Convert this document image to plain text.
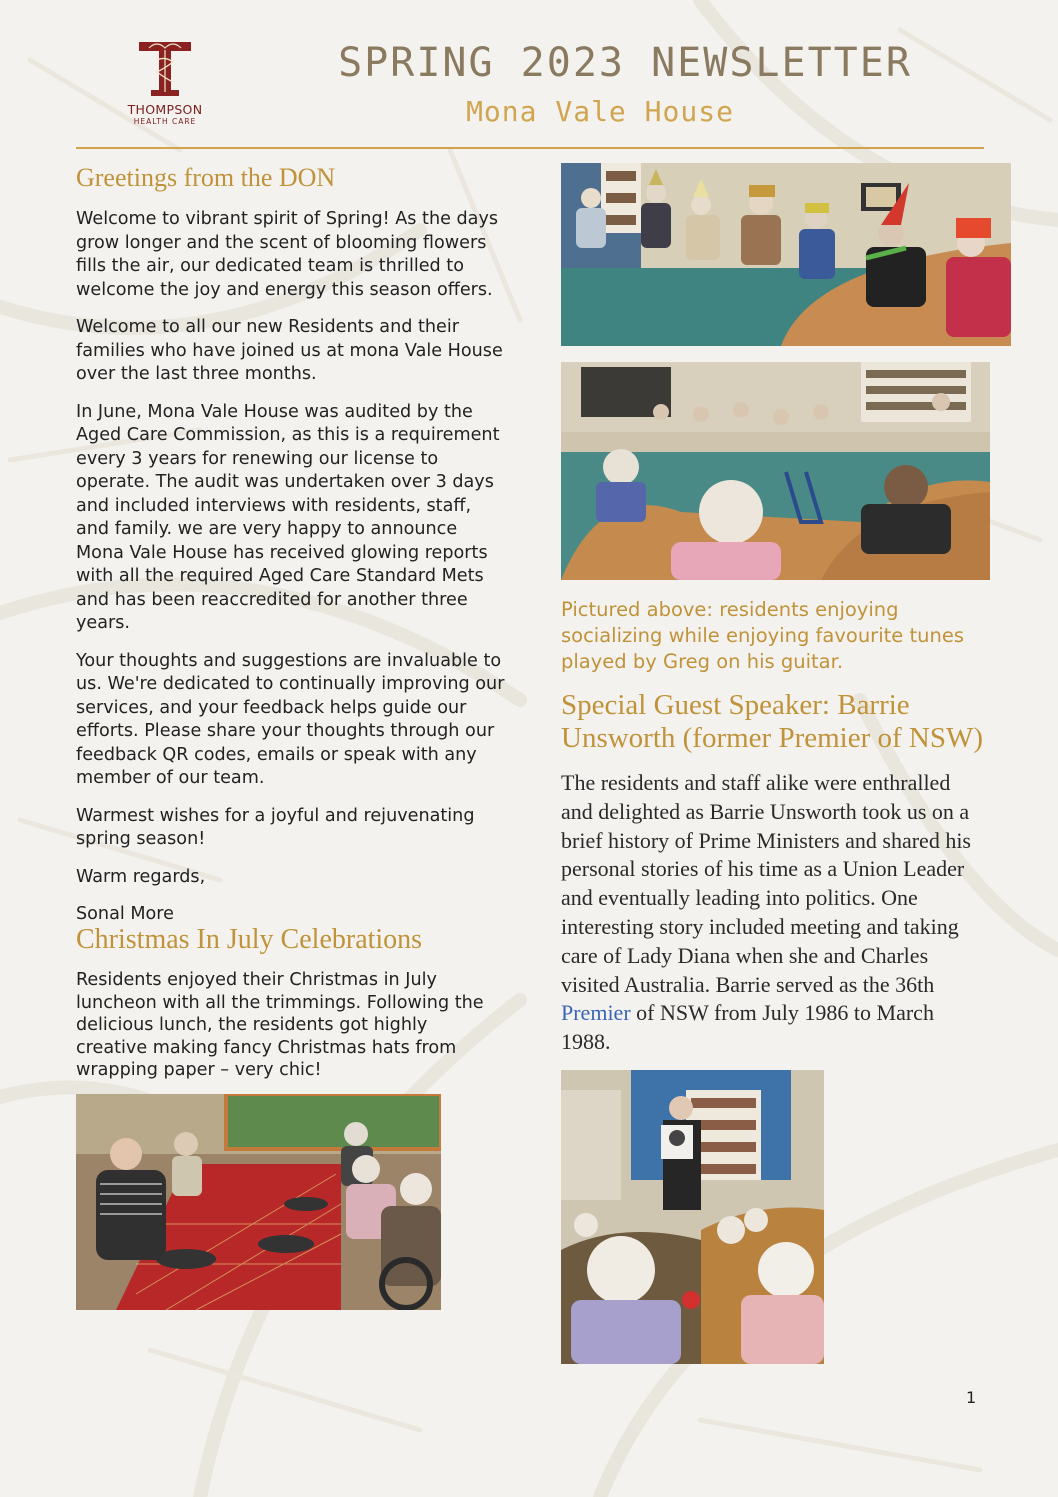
THOMPSON
HEALTH CARE
SPRING 2023 NEWSLETTER
Mona Vale House
Greetings from the DON

Welcome to vibrant spirit of Spring! As the days grow longer and the scent of blooming flowers fills the air, our dedicated team is thrilled to welcome the joy and energy this season offers.

Welcome to all our new Residents and their families who have joined us at mona Vale House over the last three months.

In June, Mona Vale House was audited by the Aged Care Commission, as this is a requirement every 3 years for renewing our license to operate. The audit was undertaken over 3 days and included interviews with residents, staff, and family. we are very happy to announce Mona Vale House has received glowing reports with all the required Aged Care Standard Mets and has been reaccredited for another three years.

Your thoughts and suggestions are invaluable to us. We're dedicated to continually improving our services, and your feedback helps guide our efforts. Please share your thoughts through our feedback QR codes, emails or speak with any member of our team.

Warmest wishes for a joyful and rejuvenating spring season!

Warm regards,

Sonal More

Christmas In July Celebrations
Residents enjoyed their Christmas in July luncheon with all the trimmings. Following the delicious lunch, the residents got highly creative making fancy Christmas hats from wrapping paper – very chic!
Pictured above: residents enjoying socializing while enjoying favourite tunes played by Greg on his guitar.
Special Guest Speaker: Barrie Unsworth (former Premier of NSW)
The residents and staff alike were enthralled and delighted as Barrie Unsworth took us on a brief history of Prime Ministers and shared his personal stories of his time as a Union Leader and eventually leading into politics. One interesting story included meeting and taking care of Lady Diana when she and Charles visited Australia. Barrie served as the 36th Premier of NSW from July 1986 to March 1988.
1
